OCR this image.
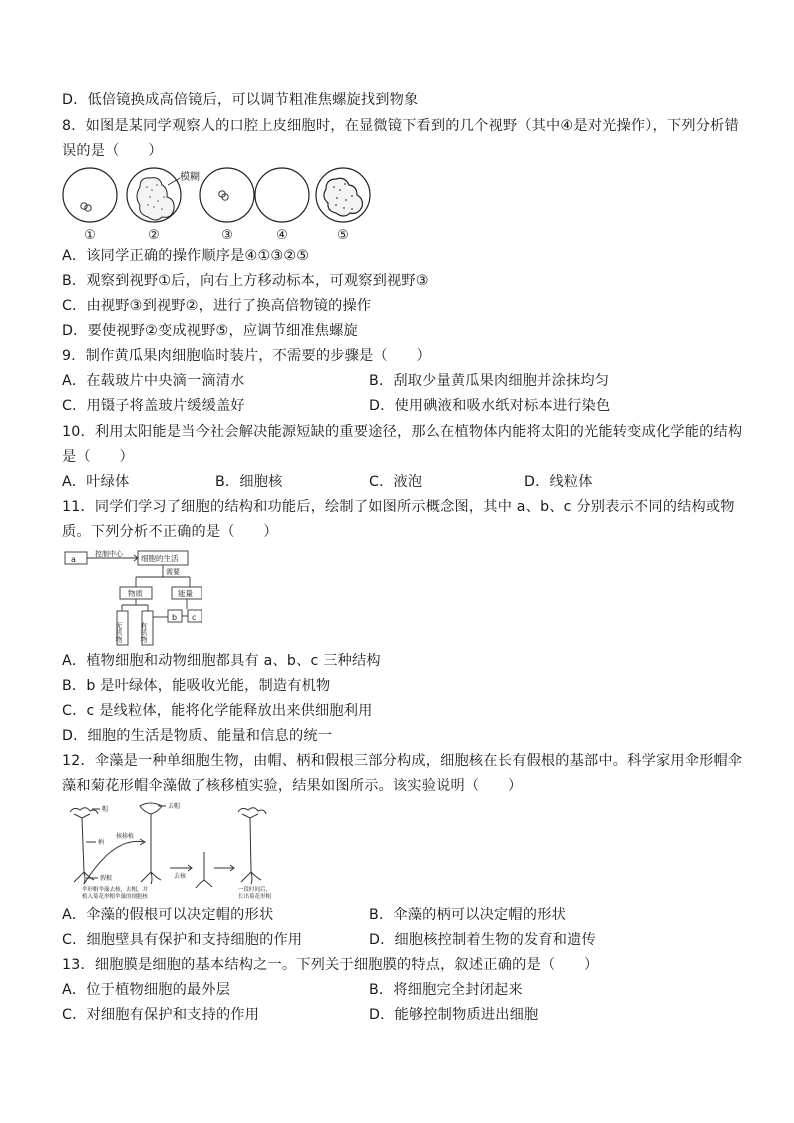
D．低倍镜换成高倍镜后，可以调节粗准焦螺旋找到物象
8．如图是某同学观察人的口腔上皮细胞时，在显微镜下看到的几个视野（其中④是对光操作），下列分析错
误的是（　　）
模糊
①	②	③	④	⑤
A．该同学正确的操作顺序是④①③②⑤
B．观察到视野①后，向右上方移动标本，可观察到视野③
C．由视野③到视野②，进行了换高倍物镜的操作
D．要使视野②变成视野⑤，应调节细准焦螺旋
9．制作黄瓜果肉细胞临时装片，不需要的步骤是（　　）
A．在载玻片中央滴一滴清水	B．刮取少量黄瓜果肉细胞并涂抹均匀
C．用镊子将盖玻片缓缓盖好	D．使用碘液和吸水纸对标本进行染色
10．利用太阳能是当今社会解决能源短缺的重要途径，那么在植物体内能将太阳的光能转变成化学能的结构
是（　　）
A．叶绿体	B．细胞核	C．液泡	D．线粒体
11．同学们学习了细胞的结构和功能后，绘制了如图所示概念图，其中 a、b、c 分别表示不同的结构或物
质。下列分析不正确的是（　　）
a
控制中心 细胞的生活
需要
物质	能量
无机物 有机物
b c
A．植物细胞和动物细胞都具有 a、b、c 三种结构
B．b 是叶绿体，能吸收光能，制造有机物
C．c 是线粒体，能将化学能释放出来供细胞利用
D．细胞的生活是物质、能量和信息的统一
12．伞藻是一种单细胞生物，由帽、柄和假根三部分构成，细胞核在长有假根的基部中。科学家用伞形帽伞
藻和菊花形帽伞藻做了核移植实验，结果如图所示。该实验说明（　　）
帽
柄
核移植
假根
去帽
去核
伞形帽伞藻去核，去帽，并
植入菊花形帽伞藻的细胞核
一段时间后，
长出菊花形帽
A．伞藻的假根可以决定帽的形状	B．伞藻的柄可以决定帽的形状
C．细胞壁具有保护和支持细胞的作用	D．细胞核控制着生物的发育和遗传
13．细胞膜是细胞的基本结构之一。下列关于细胞膜的特点，叙述正确的是（　　）
A．位于植物细胞的最外层	B．将细胞完全封闭起来
C．对细胞有保护和支持的作用	D．能够控制物质进出细胞
